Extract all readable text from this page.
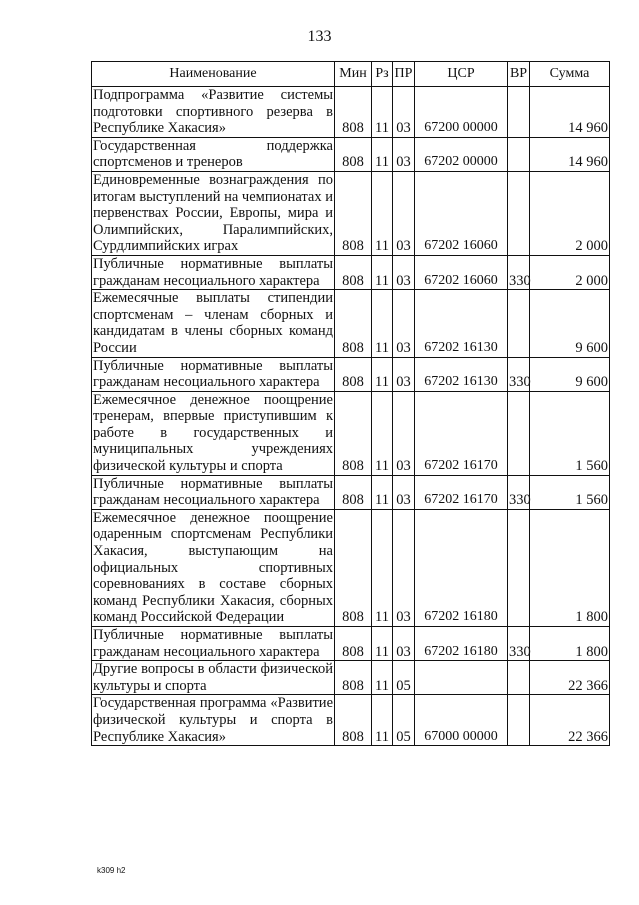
133
Наименование	Мин	Рз	ПР	ЦСР	ВР	Сумма
Подпрограмма «Развитие системы подготовки спортивного резерва в Республике Хакасия»	808	11	03	67200 00000		14 960
Государственная поддержка спортсменов и тренеров	808	11	03	67202 00000		14 960
Единовременные вознаграждения по итогам выступлений на чемпионатах и первенствах России, Европы, мира и Олимпийских, Паралимпийских, Сурдлимпийских играх	808	11	03	67202 16060		2 000
Публичные нормативные выплаты гражданам несоциального характера	808	11	03	67202 16060	330	2 000
Ежемесячные выплаты стипендии спортсменам – членам сборных и кандидатам в члены сборных команд России	808	11	03	67202 16130		9 600
Публичные нормативные выплаты гражданам несоциального характера	808	11	03	67202 16130	330	9 600
Ежемесячное денежное поощрение тренерам, впервые приступившим к работе в государственных и муниципальных учреждениях физической культуры и спорта	808	11	03	67202 16170		1 560
Публичные нормативные выплаты гражданам несоциального характера	808	11	03	67202 16170	330	1 560
Ежемесячное денежное поощрение одаренным спортсменам Республики Хакасия, выступающим на официальных спортивных соревнованиях в составе сборных команд Республики Хакасия, сборных команд Российской Федерации	808	11	03	67202 16180		1 800
Публичные нормативные выплаты гражданам несоциального характера	808	11	03	67202 16180	330	1 800
Другие вопросы в области физической культуры и спорта	808	11	05			22 366
Государственная программа «Развитие физической культуры и спорта в Республике Хакасия»	808	11	05	67000 00000		22 366
k309 h2
